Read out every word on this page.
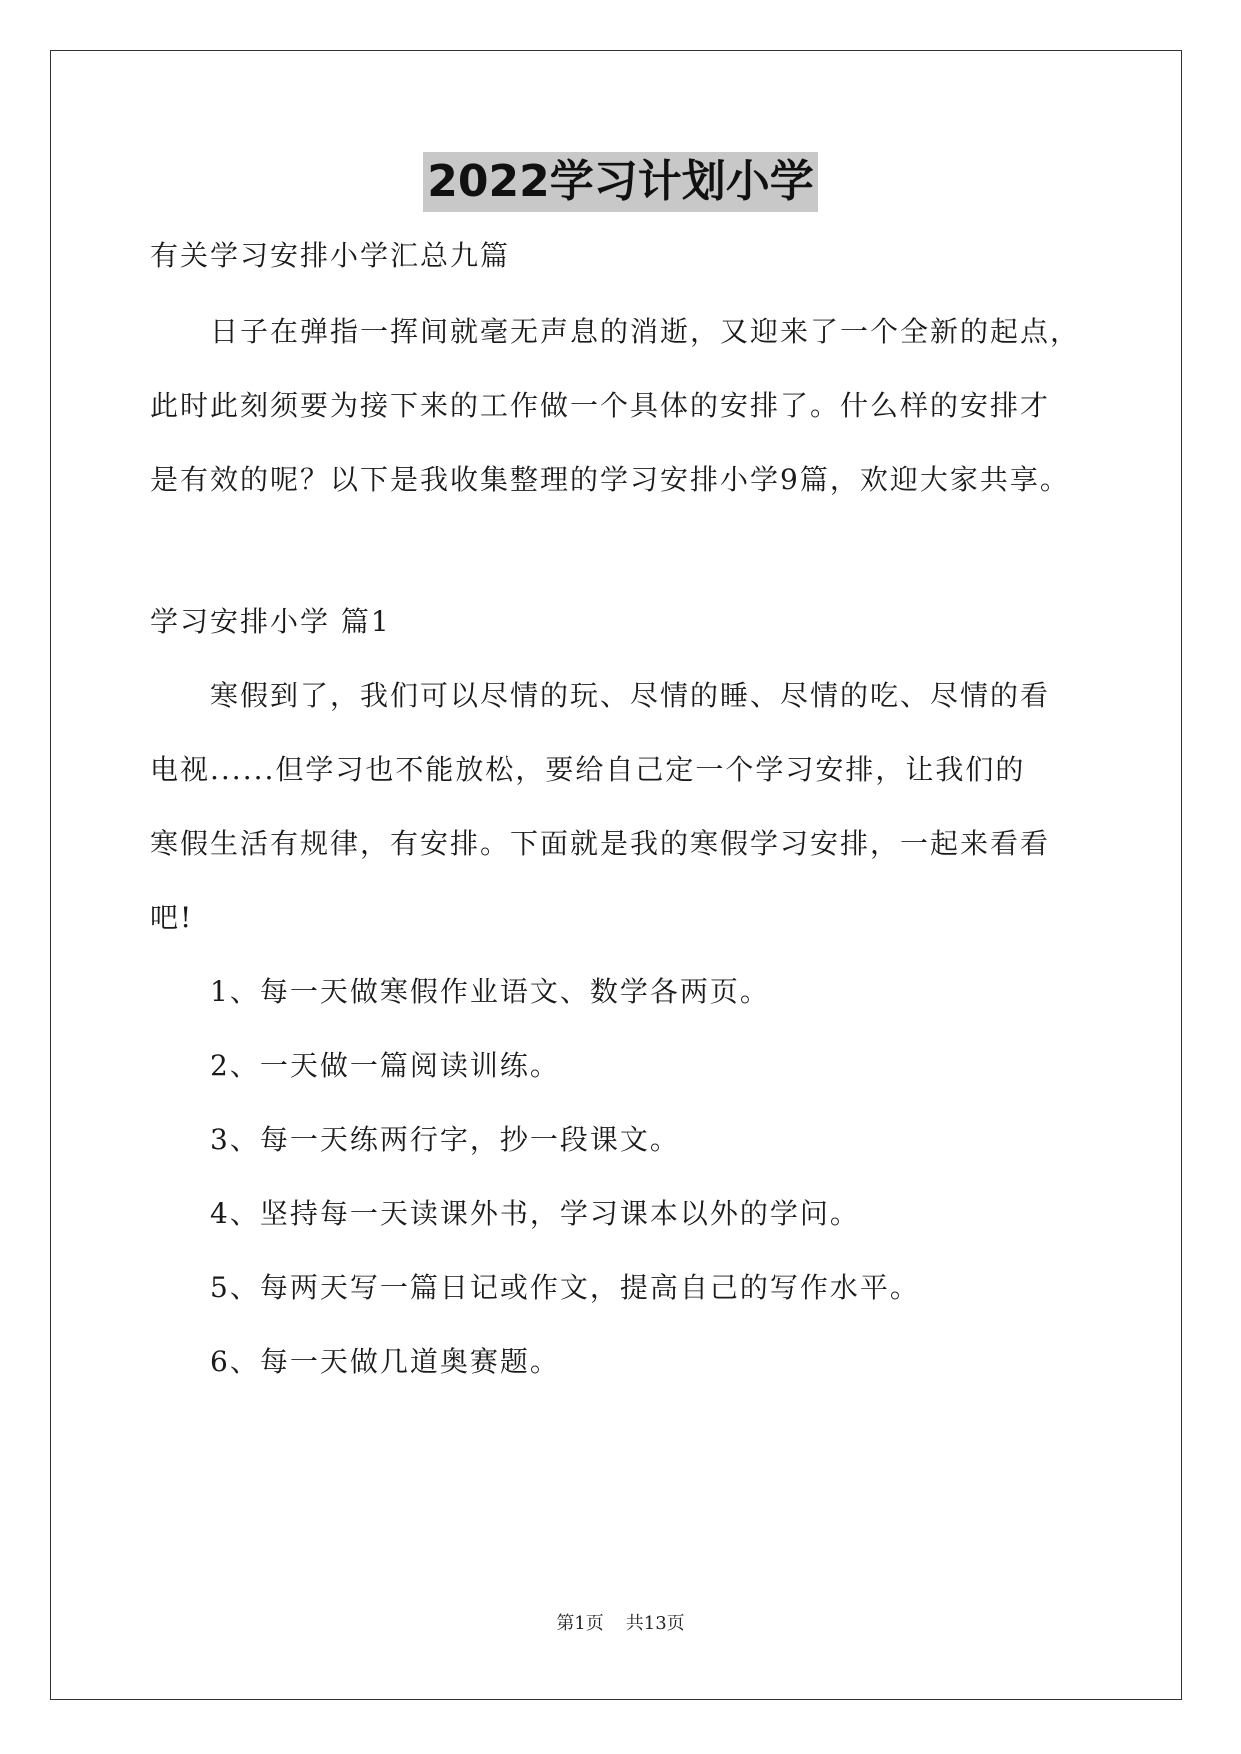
2022学习计划小学
有关学习安排小学汇总九篇
日子在弹指一挥间就毫无声息的消逝，又迎来了一个全新的起点，
此时此刻须要为接下来的工作做一个具体的安排了。什么样的安排才
是有效的呢？以下是我收集整理的学习安排小学9篇，欢迎大家共享。
学习安排小学 篇1
寒假到了，我们可以尽情的玩、尽情的睡、尽情的吃、尽情的看
电视......但学习也不能放松，要给自己定一个学习安排，让我们的
寒假生活有规律，有安排。下面就是我的寒假学习安排，一起来看看
吧!
1、每一天做寒假作业语文、数学各两页。
2、一天做一篇阅读训练。
3、每一天练两行字，抄一段课文。
4、坚持每一天读课外书，学习课本以外的学问。
5、每两天写一篇日记或作文，提高自己的写作水平。
6、每一天做几道奥赛题。
第1页 共13页
